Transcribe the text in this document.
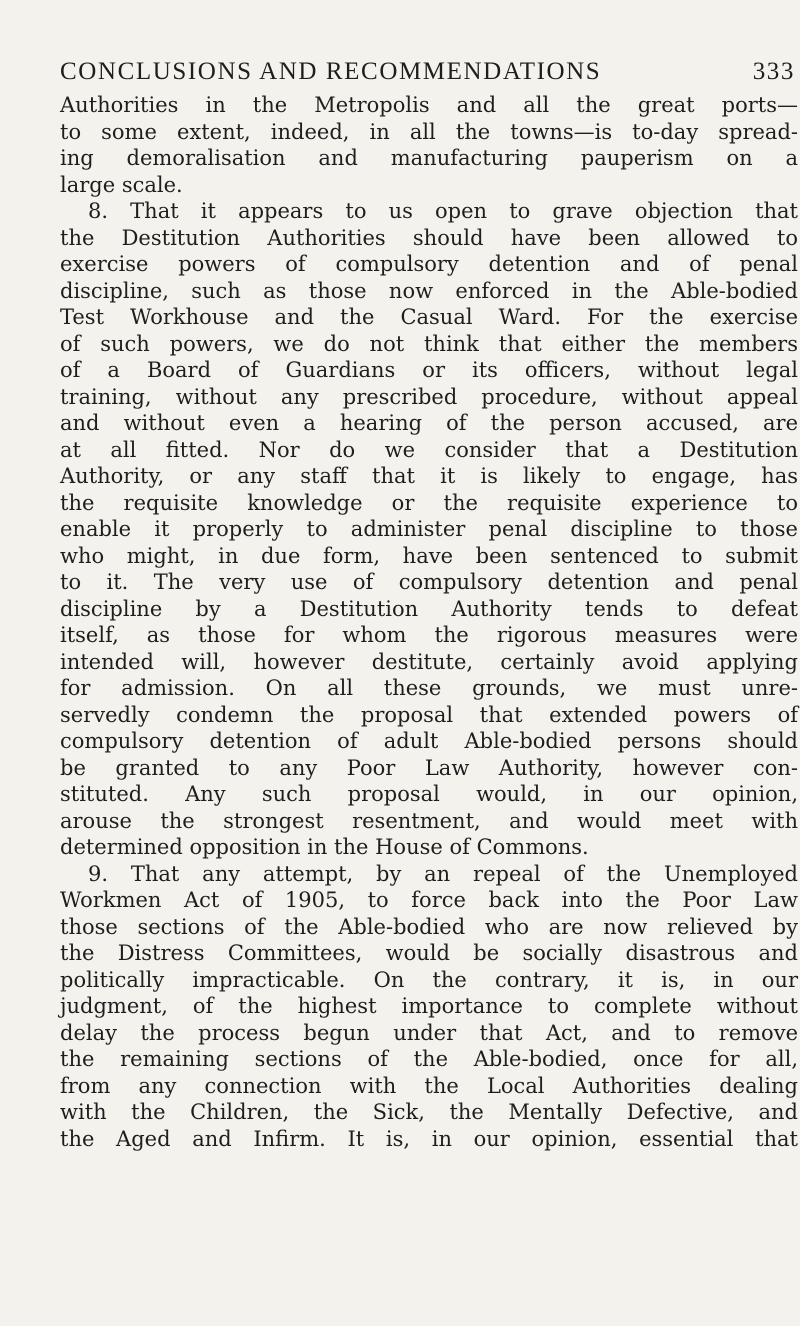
CONCLUSIONS AND RECOMMENDATIONS	333
Authorities in the Metropolis and all the great ports—
to some extent, indeed, in all the towns—is to-day spread-
ing demoralisation and manufacturing pauperism on a
large scale.
8. That it appears to us open to grave objection that
the Destitution Authorities should have been allowed to
exercise powers of compulsory detention and of penal
discipline, such as those now enforced in the Able-bodied
Test Workhouse and the Casual Ward. For the exercise
of such powers, we do not think that either the members
of a Board of Guardians or its officers, without legal
training, without any prescribed procedure, without appeal
and without even a hearing of the person accused, are
at all fitted. Nor do we consider that a Destitution
Authority, or any staff that it is likely to engage, has
the requisite knowledge or the requisite experience to
enable it properly to administer penal discipline to those
who might, in due form, have been sentenced to submit
to it. The very use of compulsory detention and penal
discipline by a Destitution Authority tends to defeat
itself, as those for whom the rigorous measures were
intended will, however destitute, certainly avoid applying
for admission. On all these grounds, we must unre-
servedly condemn the proposal that extended powers of
compulsory detention of adult Able-bodied persons should
be granted to any Poor Law Authority, however con-
stituted. Any such proposal would, in our opinion,
arouse the strongest resentment, and would meet with
determined opposition in the House of Commons.
9. That any attempt, by an repeal of the Unemployed
Workmen Act of 1905, to force back into the Poor Law
those sections of the Able-bodied who are now relieved by
the Distress Committees, would be socially disastrous and
politically impracticable. On the contrary, it is, in our
judgment, of the highest importance to complete without
delay the process begun under that Act, and to remove
the remaining sections of the Able-bodied, once for all,
from any connection with the Local Authorities dealing
with the Children, the Sick, the Mentally Defective, and
the Aged and Infirm. It is, in our opinion, essential that
